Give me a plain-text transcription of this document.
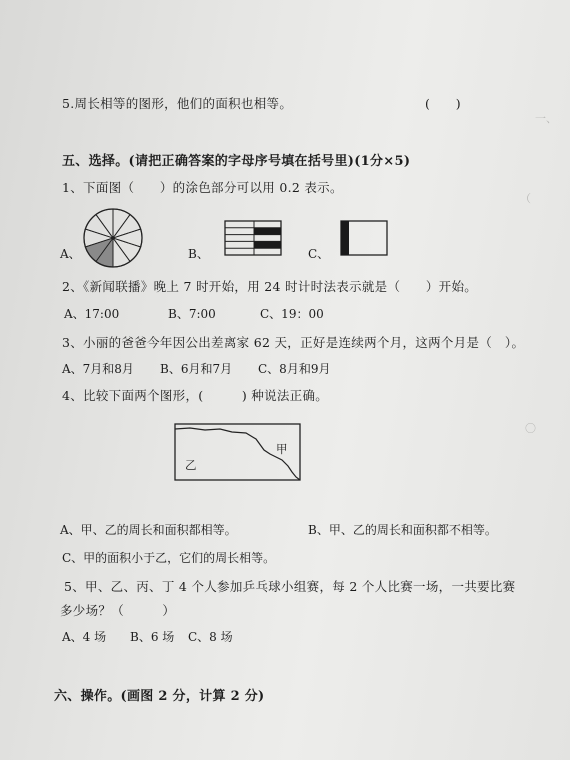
一、
（
〇
5.周长相等的图形，他们的面积也相等。	(　　)
五、选择。(请把正确答案的字母序号填在括号里)(1分×5)
1、下面图（　　）的涂色部分可以用 0.2 表示。
A、	B、	C、
2、《新闻联播》晚上 7 时开始，用 24 时计时法表示就是（　　）开始。
A、17:00	B、7:00	C、19：00
3、小丽的爸爸今年因公出差离家 62 天，正好是连续两个月，这两个月是（　）。
A、7月和8月 B、6月和7月 C、8月和9月
4、比较下面两个图形，(　　　) 种说法正确。
甲
乙
A、甲、乙的周长和面积都相等。	B、甲、乙的周长和面积都不相等。
C、甲的面积小于乙，它们的周长相等。
5、甲、乙、丙、丁 4 个人参加乒乓球小组赛，每 2 个人比赛一场，一共要比赛
多少场？（　　　）
A、4 场 B、6 场 C、8 场
六、操作。(画图 2 分，计算 2 分)
